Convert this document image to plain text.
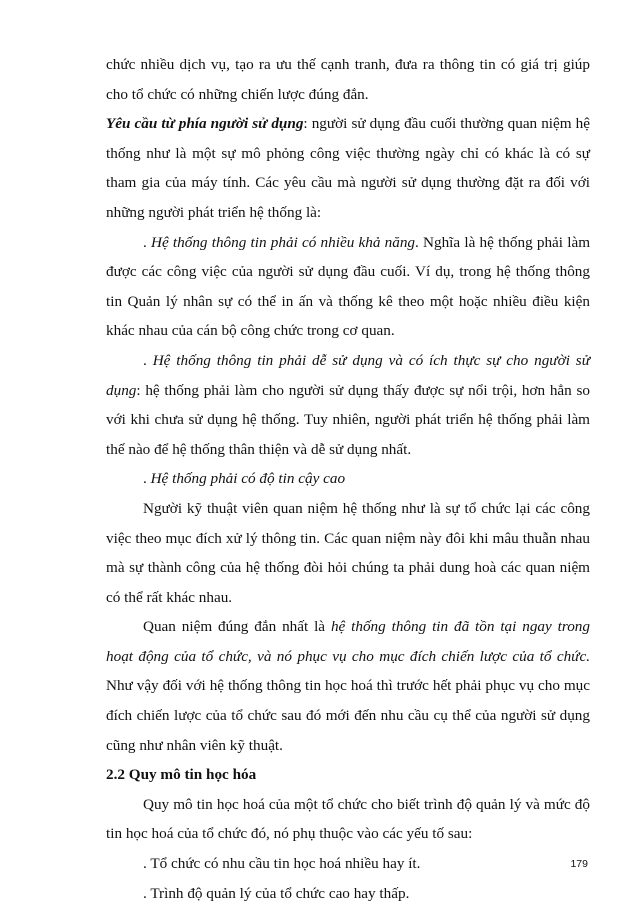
chức nhiều dịch vụ, tạo ra ưu thế cạnh tranh, đưa ra thông tin có giá trị giúp cho tổ chức có những chiến lược đúng đắn.

Yêu cầu từ phía người sử dụng: người sử dụng đầu cuối thường quan niệm hệ thống như là một sự mô phỏng công việc thường ngày chỉ có khác là có sự tham gia của máy tính. Các yêu cầu mà người sử dụng thường đặt ra đối với những người phát triển hệ thống là:

. Hệ thống thông tin phải có nhiều khả năng. Nghĩa là hệ thống phải làm được các công việc của người sử dụng đầu cuối. Ví dụ, trong hệ thống thông tin Quản lý nhân sự có thể in ấn và thống kê theo một hoặc nhiều điều kiện khác nhau của cán bộ công chức trong cơ quan.

. Hệ thống thông tin phải dễ sử dụng và có ích thực sự cho người sử dụng: hệ thống phải làm cho người sử dụng thấy được sự nổi trội, hơn hẳn so với khi chưa sử dụng hệ thống. Tuy nhiên, người phát triển hệ thống phải làm thế nào để hệ thống thân thiện và dễ sử dụng nhất.

. Hệ thống phải có độ tin cậy cao

Người kỹ thuật viên quan niệm hệ thống như là sự tổ chức lại các công việc theo mục đích xử lý thông tin. Các quan niệm này đôi khi mâu thuẫn nhau mà sự thành công của hệ thống đòi hỏi chúng ta phải dung hoà các quan niệm có thể rất khác nhau.

Quan niệm đúng đắn nhất là hệ thống thông tin đã tồn tại ngay trong hoạt động của tổ chức, và nó phục vụ cho mục đích chiến lược của tổ chức. Như vậy đối với hệ thống thông tin học hoá thì trước hết phải phục vụ cho mục đích chiến lược của tổ chức sau đó mới đến nhu cầu cụ thể của người sử dụng cũng như nhân viên kỹ thuật.

2.2 Quy mô tin học hóa

Quy mô tin học hoá của một tổ chức cho biết trình độ quản lý và mức độ tin học hoá của tổ chức đó, nó phụ thuộc vào các yếu tố sau:

. Tổ chức có nhu cầu tin học hoá nhiều hay ít.

. Trình độ quản lý của tổ chức cao hay thấp.

179
